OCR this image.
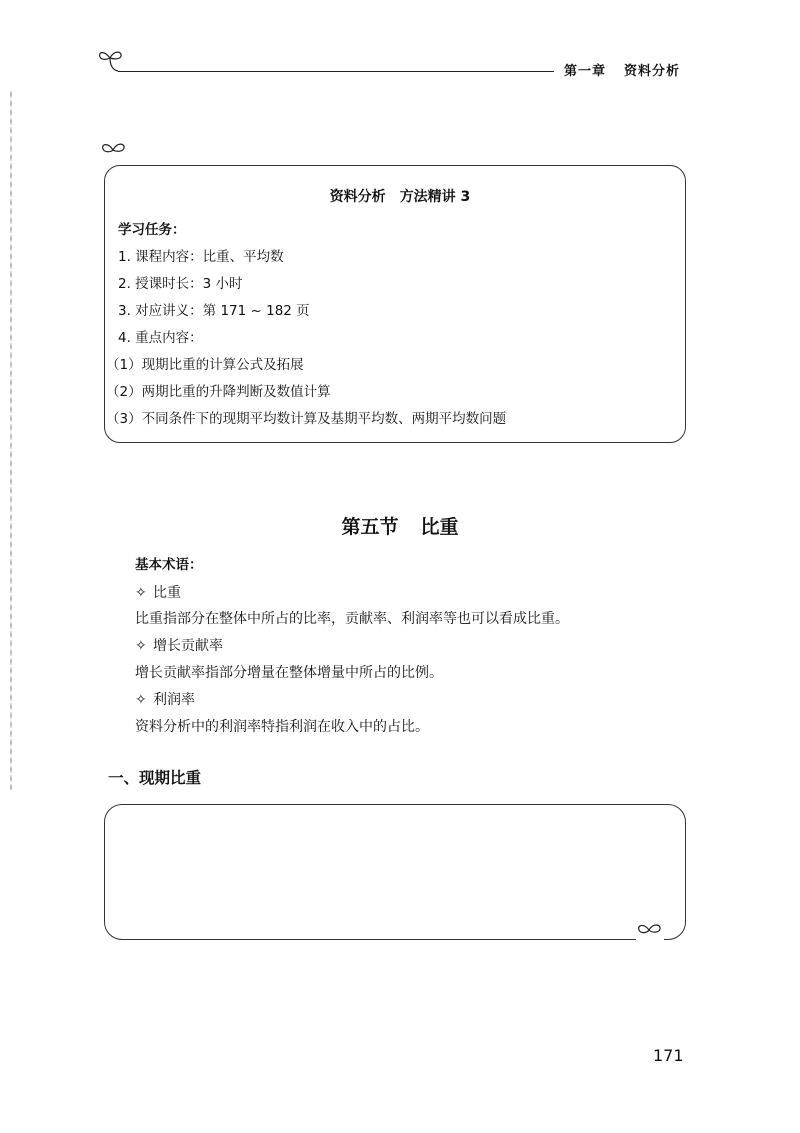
第一章 资料分析
资料分析 方法精讲 3
学习任务：
1. 课程内容：比重、平均数
2. 授课时长：3 小时
3. 对应讲义：第 171 ~ 182 页
4. 重点内容：
（1）现期比重的计算公式及拓展
（2）两期比重的升降判断及数值计算
（3）不同条件下的现期平均数计算及基期平均数、两期平均数问题
第五节 比重
基本术语：
✧ 比重
比重指部分在整体中所占的比率，贡献率、利润率等也可以看成比重。
✧ 增长贡献率
增长贡献率指部分增量在整体增量中所占的比例。
✧ 利润率
资料分析中的利润率特指利润在收入中的占比。
一、现期比重
171
